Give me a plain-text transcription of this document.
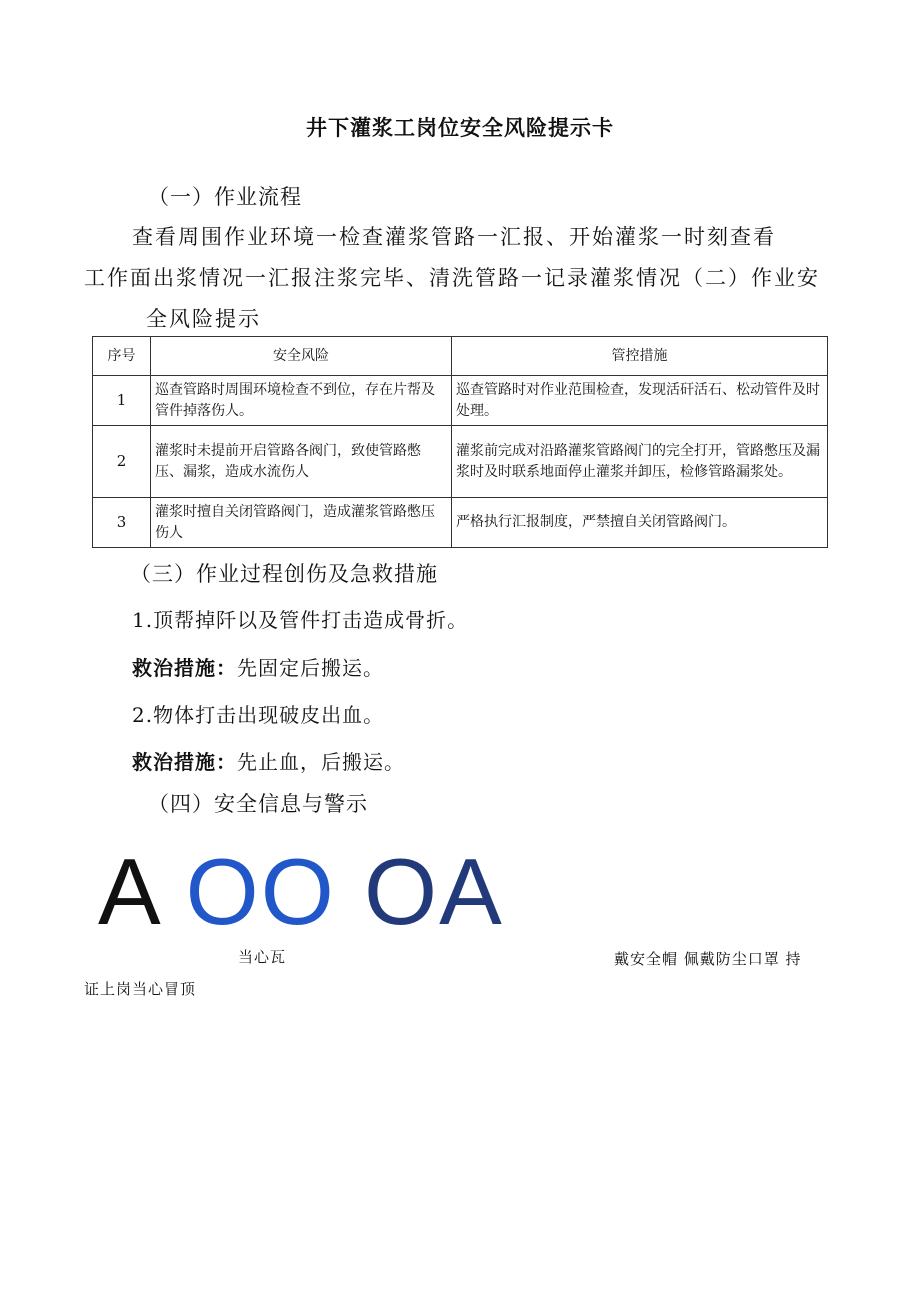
井下灌浆工岗位安全风险提示卡
（一）作业流程
查看周围作业环境一检查灌浆管路一汇报、开始灌浆一时刻查看
工作面出浆情况一汇报注浆完毕、清洗管路一记录灌浆情况（二）作业安
全风险提示
序号	安全风险	管控措施
1	巡查管路时周围环境检查不到位，存在片帮及管件掉落伤人。	巡查管路时对作业范围检查，发现活矸活石、松动管件及时处理。
2	灌浆时未提前开启管路各阀门，致使管路憋压、漏浆，造成水流伤人	灌浆前完成对沿路灌浆管路阀门的完全打开，管路憋压及漏浆时及时联系地面停止灌浆并卸压，检修管路漏浆处。
3	灌浆时擅自关闭管路阀门，造成灌浆管路憋压伤人	严格执行汇报制度，严禁擅自关闭管路阀门。
（三）作业过程创伤及急救措施
1.顶帮掉阡以及管件打击造成骨折。
救治措施：先固定后搬运。
2.物体打击出现破皮出血。
救治措施：先止血，后搬运。
（四）安全信息与警示
A OO OA
当心瓦	戴安全帽 佩戴防尘口罩 持
证上岗当心冒顶
